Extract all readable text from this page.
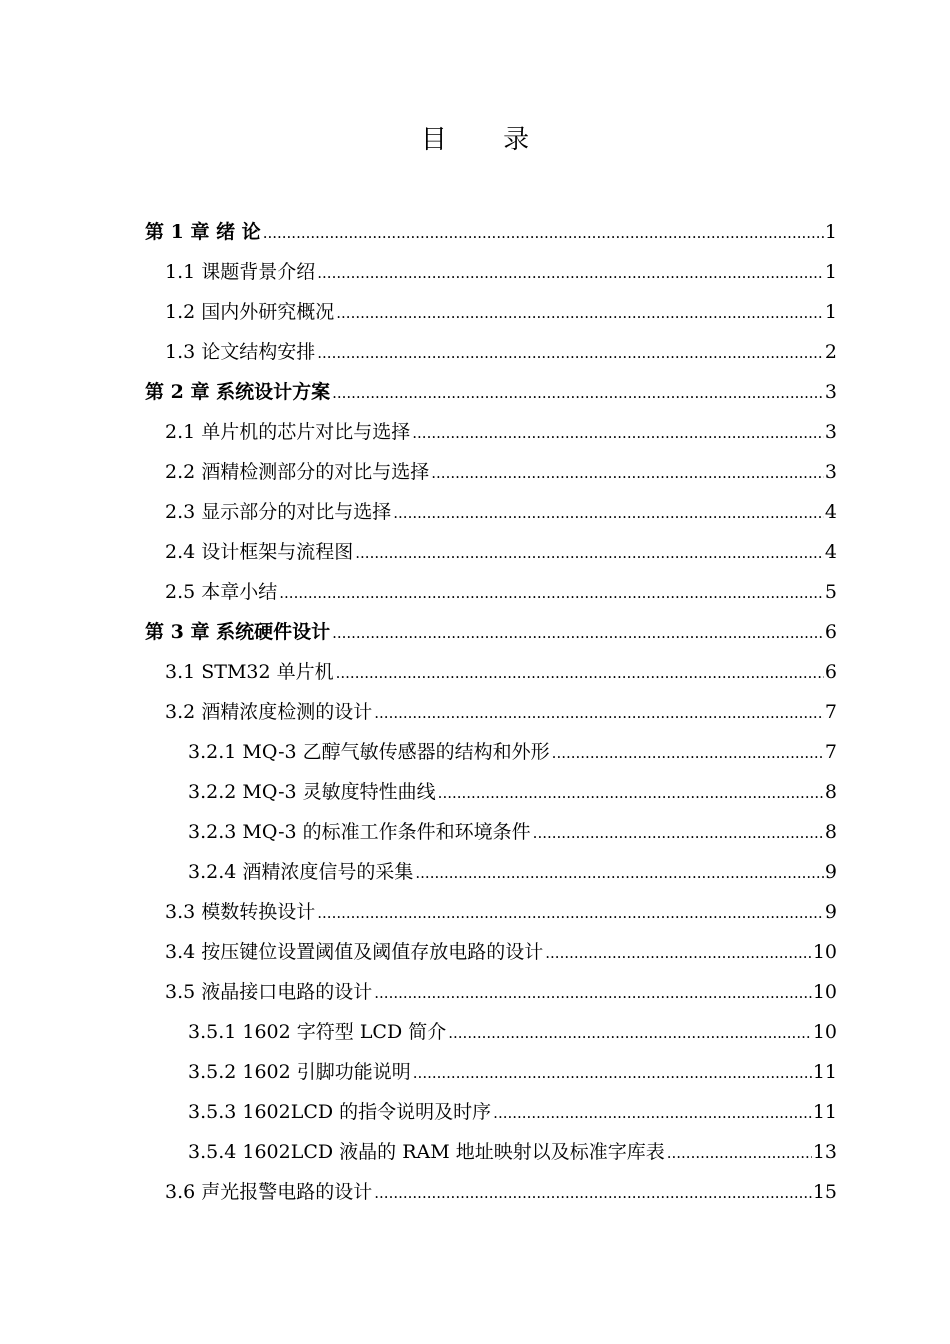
目 录
第 1 章 绪 论 .....	1
1.1 课题背景介绍 .....	1
1.2 国内外研究概况 .....	1
1.3 论文结构安排 .....	2
第 2 章 系统设计方案 .....	3
2.1 单片机的芯片对比与选择 .....	3
2.2 酒精检测部分的对比与选择 .....	3
2.3 显示部分的对比与选择 .....	4
2.4 设计框架与流程图 .....	4
2.5 本章小结 .....	5
第 3 章 系统硬件设计 .....	6
3.1 STM32 单片机 .....	6
3.2 酒精浓度检测的设计 .....	7
3.2.1 MQ-3 乙醇气敏传感器的结构和外形 .....	7
3.2.2 MQ-3 灵敏度特性曲线 .....	8
3.2.3 MQ-3 的标准工作条件和环境条件 .....	8
3.2.4 酒精浓度信号的采集 .....	9
3.3 模数转换设计 .....	9
3.4 按压键位设置阈值及阈值存放电路的设计 .....	10
3.5 液晶接口电路的设计 .....	10
3.5.1 1602 字符型 LCD 简介 .....	10
3.5.2 1602 引脚功能说明 .....	11
3.5.3 1602LCD 的指令说明及时序 .....	11
3.5.4 1602LCD 液晶的 RAM 地址映射以及标准字库表 .....	13
3.6 声光报警电路的设计 .....	15
